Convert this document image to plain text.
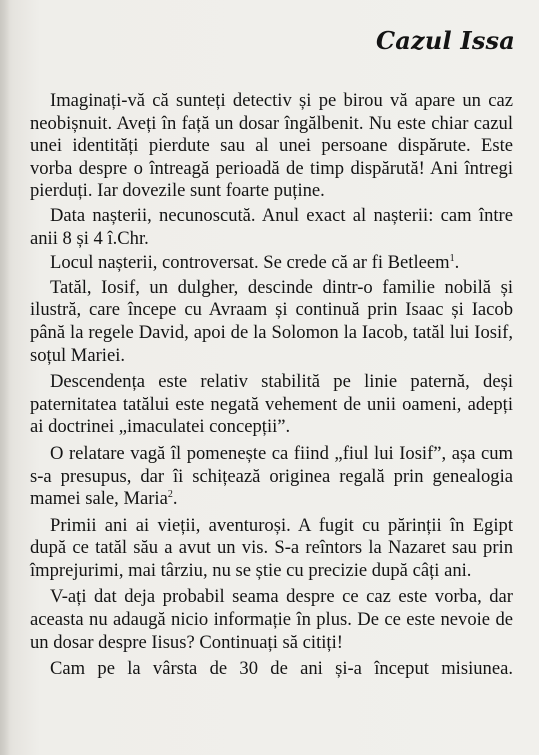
Cazul Issa

Imaginați-vă că sunteți detectiv și pe birou vă apare un caz neobișnuit. Aveți în față un dosar îngălbenit. Nu este chiar cazul unei identități pierdute sau al unei persoane dispărute. Este vorba despre o întreagă perioadă de timp dispărută! Ani întregi pierduți. Iar dovezile sunt foarte puține.

Data nașterii, necunoscută. Anul exact al nașterii: cam între anii 8 și 4 î.Chr.

Locul nașterii, controversat. Se crede că ar fi Betleem$^1$.

Tatăl, Iosif, un dulgher, descinde dintr-o familie nobilă și ilustră, care începe cu Avraam și continuă prin Isaac și Iacob până la regele David, apoi de la Solomon la Iacob, tatăl lui Iosif, soțul Mariei.

Descendența este relativ stabilită pe linie paternă, deși paternitatea tatălui este negată vehement de unii oameni, adepți ai doctrinei „imaculatei concepții”.

O relatare vagă îl pomenește ca fiind „fiul lui Iosif”, așa cum s-a presupus, dar îi schițează originea regală prin genealogia mamei sale, Maria$^2$.

Primii ani ai vieții, aventuroși. A fugit cu părinții în Egipt după ce tatăl său a avut un vis. S-a reîntors la Nazaret sau prin împrejurimi, mai târziu, nu se știe cu precizie după câți ani.

V-ați dat deja probabil seama despre ce caz este vorba, dar aceasta nu adaugă nicio informație în plus. De ce este nevoie de un dosar despre Iisus? Continuați să citiți!

Cam pe la vârsta de 30 de ani și-a început misiunea.
